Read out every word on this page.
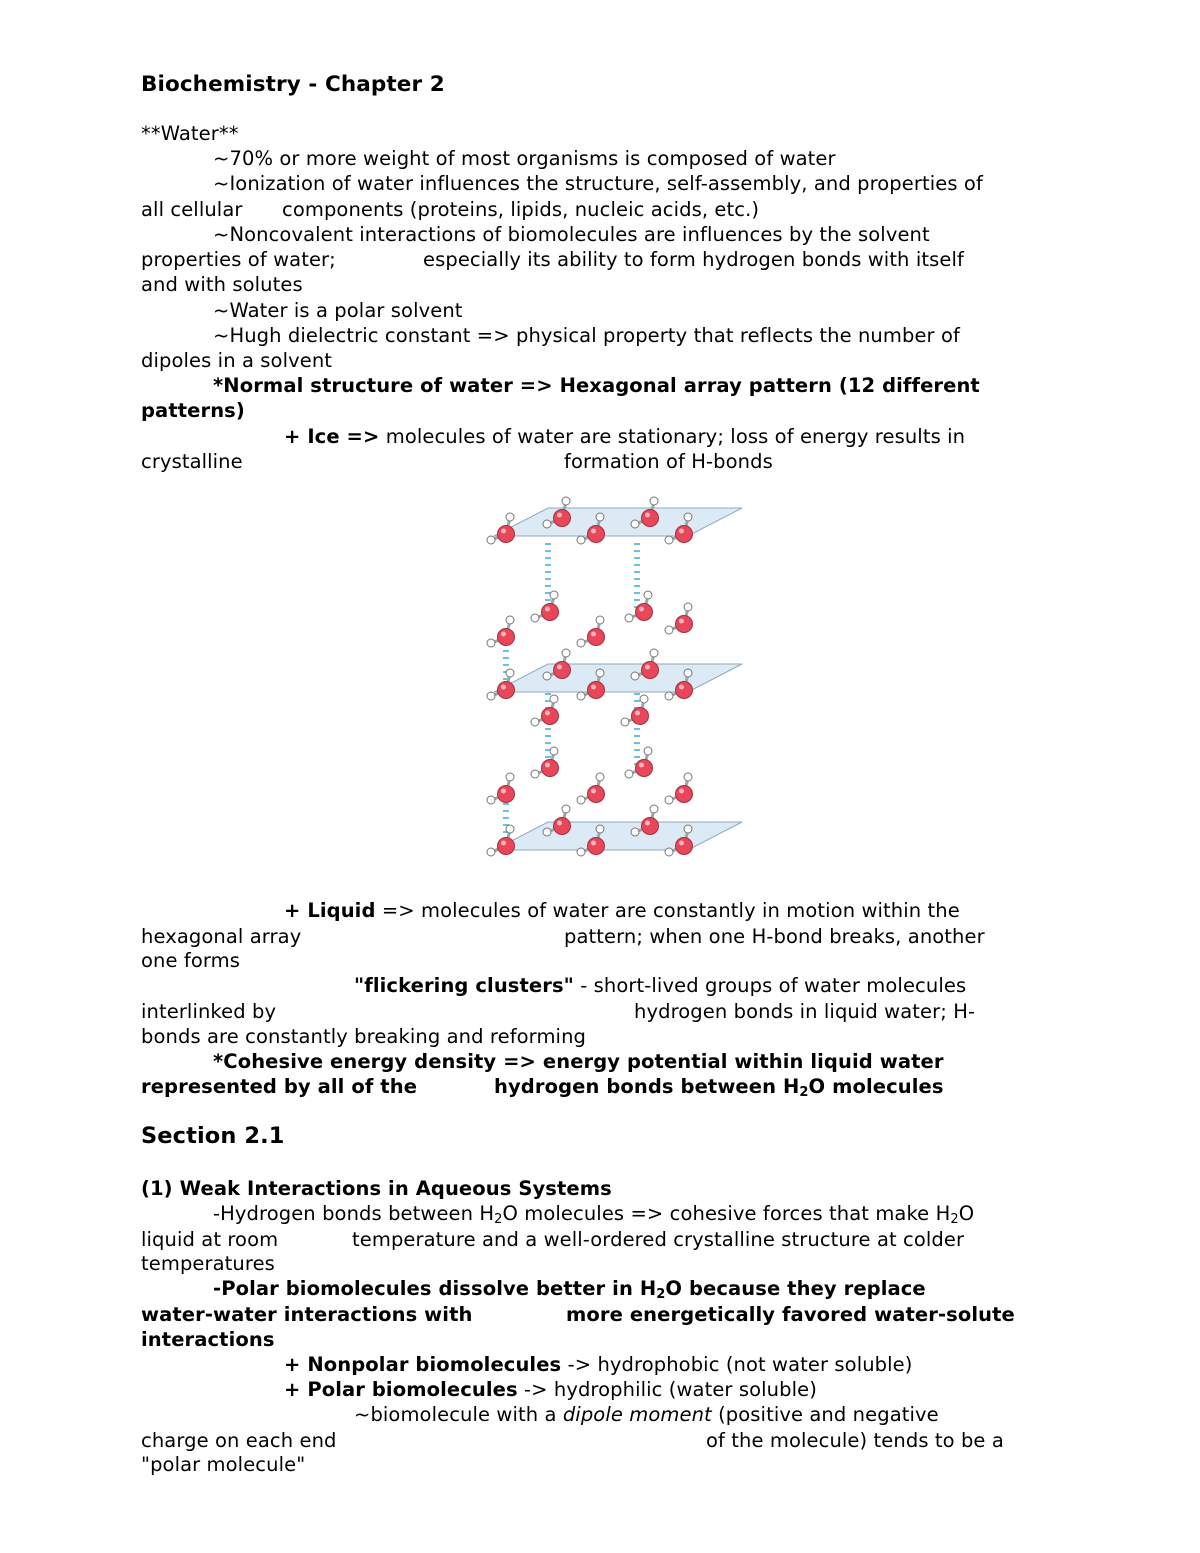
Biochemistry - Chapter 2

**Water**

~70% or more weight of most organisms is composed of water

~Ionization of water influences the structure, self-assembly, and properties of

all cellular components (proteins, lipids, nucleic acids, etc.)

~Noncovalent interactions of biomolecules are influences by the solvent

properties of water;	especially its ability to form hydrogen bonds with itself

and with solutes

~Water is a polar solvent

~Hugh dielectric constant => physical property that reflects the number of

dipoles in a solvent

*Normal structure of water => Hexagonal array pattern (12 different

patterns)

+ Ice => molecules of water are stationary; loss of energy results in

crystalline	formation of H-bonds

+ Liquid => molecules of water are constantly in motion within the

hexagonal array	pattern; when one H-bond breaks, another

one forms

"flickering clusters" - short-lived groups of water molecules

interlinked by	hydrogen bonds in liquid water; H-

bonds are constantly breaking and reforming

*Cohesive energy density => energy potential within liquid water

represented by all of the	hydrogen bonds between $H_2O$ molecules

Section 2.1

(1) Weak Interactions in Aqueous Systems

-Hydrogen bonds between $H_2O$ molecules => cohesive forces that make $H_2O$

liquid at room	temperature and a well-ordered crystalline structure at colder

temperatures

-Polar biomolecules dissolve better in $H_2O$ because they replace

water-water interactions with	more energetically favored water-solute

interactions

+ Nonpolar biomolecules -> hydrophobic (not water soluble)

+ Polar biomolecules -> hydrophilic (water soluble)

~biomolecule with a dipole moment (positive and negative

charge on each end	of the molecule) tends to be a

"polar molecule"
